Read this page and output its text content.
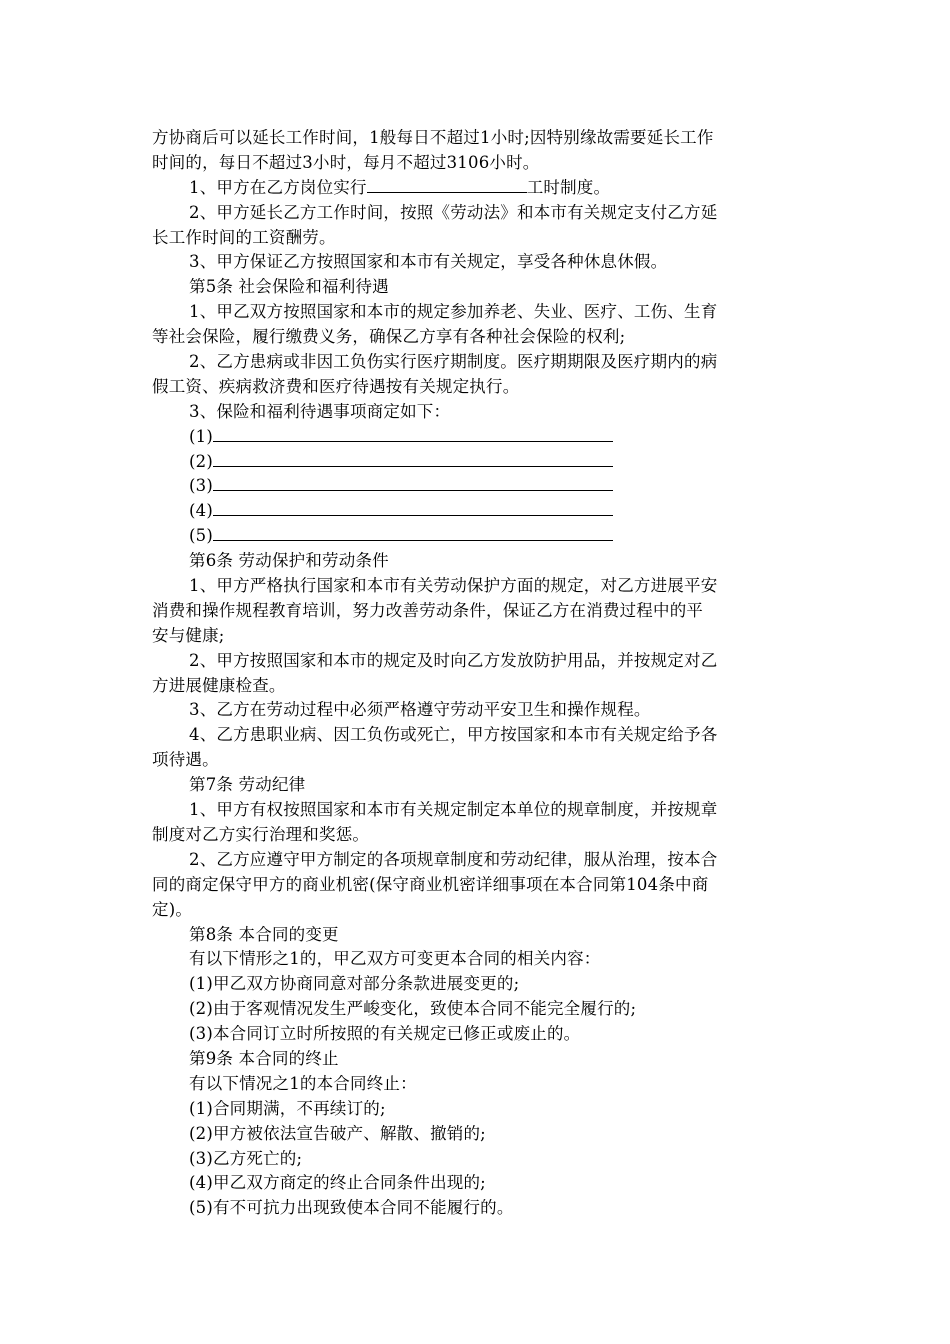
方协商后可以延长工作时间，1般每日不超过1小时;因特别缘故需要延长工作
时间的，每日不超过3小时，每月不超过3106小时。
1、甲方在乙方岗位实行	工时制度。
2、甲方延长乙方工作时间，按照《劳动法》和本市有关规定支付乙方延
长工作时间的工资酬劳。
3、甲方保证乙方按照国家和本市有关规定，享受各种休息休假。
第5条 社会保险和福利待遇
1、甲乙双方按照国家和本市的规定参加养老、失业、医疗、工伤、生育
等社会保险，履行缴费义务，确保乙方享有各种社会保险的权利;
2、乙方患病或非因工负伤实行医疗期制度。医疗期期限及医疗期内的病
假工资、疾病救济费和医疗待遇按有关规定执行。
3、保险和福利待遇事项商定如下：
(1)
(2)
(3)
(4)
(5)
第6条 劳动保护和劳动条件
1、甲方严格执行国家和本市有关劳动保护方面的规定，对乙方进展平安
消费和操作规程教育培训，努力改善劳动条件，保证乙方在消费过程中的平
安与健康;
2、甲方按照国家和本市的规定及时向乙方发放防护用品，并按规定对乙
方进展健康检查。
3、乙方在劳动过程中必须严格遵守劳动平安卫生和操作规程。
4、乙方患职业病、因工负伤或死亡，甲方按国家和本市有关规定给予各
项待遇。
第7条 劳动纪律
1、甲方有权按照国家和本市有关规定制定本单位的规章制度，并按规章
制度对乙方实行治理和奖惩。
2、乙方应遵守甲方制定的各项规章制度和劳动纪律，服从治理，按本合
同的商定保守甲方的商业机密(保守商业机密详细事项在本合同第104条中商
定)。
第8条 本合同的变更
有以下情形之1的，甲乙双方可变更本合同的相关内容：
(1)甲乙双方协商同意对部分条款进展变更的;
(2)由于客观情况发生严峻变化，致使本合同不能完全履行的;
(3)本合同订立时所按照的有关规定已修正或废止的。
第9条 本合同的终止
有以下情况之1的本合同终止：
(1)合同期满，不再续订的;
(2)甲方被依法宣告破产、解散、撤销的;
(3)乙方死亡的;
(4)甲乙双方商定的终止合同条件出现的;
(5)有不可抗力出现致使本合同不能履行的。
